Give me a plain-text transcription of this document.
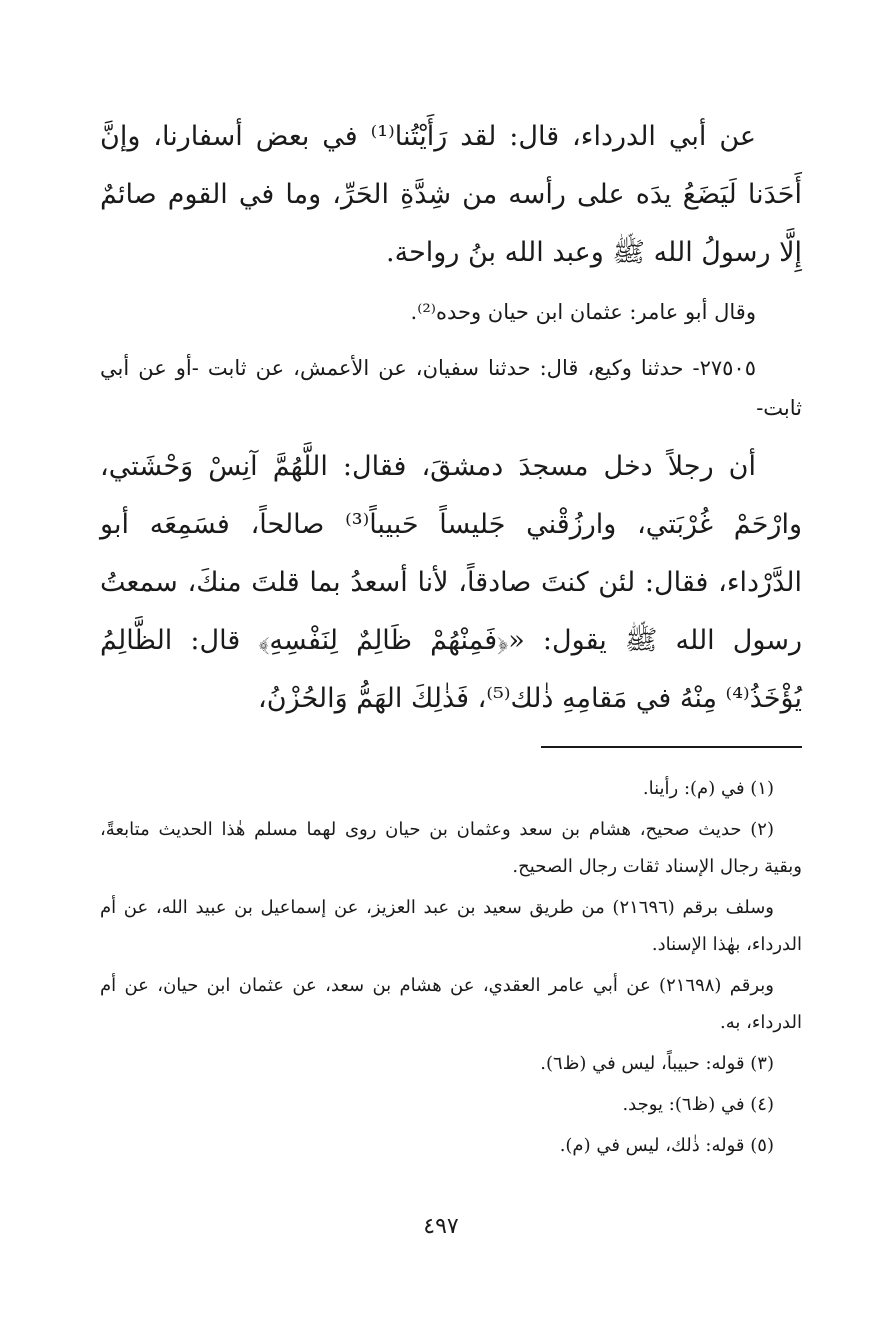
عن أبي الدرداء، قال: لقد رَأَيْتُنا⁽¹⁾ في بعض أسفارنا، وإنَّ أَحَدَنا لَيَضَعُ يدَه على رأسه من شِدَّةِ الحَرِّ، وما في القوم صائمٌ إِلَّا رسولُ الله ﷺ وعبد الله بنُ رواحة.

وقال أبو عامر: عثمان ابن حيان وحده⁽²⁾.

٢٧٥٠٥- حدثنا وكيع، قال: حدثنا سفيان، عن الأعمش، عن ثابت -أو عن أبي ثابت-

أن رجلاً دخل مسجدَ دمشقَ، فقال: اللَّهُمَّ آنِسْ وَحْشَتي، وارْحَمْ غُرْبَتي، وارزُقْني جَليساً حَبيباً⁽³⁾ صالحاً، فسَمِعَه أبو الدَّرْداء، فقال: لئن كنتَ صادقاً، لأنا أسعدُ بما قلتَ منكَ، سمعتُ رسول الله ﷺ يقول: «﴿فَمِنْهُمْ ظَالِمٌ لِنَفْسِهِ﴾ قال: الظَّالِمُ يُؤْخَذُ⁽⁴⁾ مِنْهُ في مَقامِهِ ذٰلك⁽⁵⁾، فَذٰلِكَ الهَمُّ وَالحُزْنُ،

(١) في (م): رأينا.

(٢) حديث صحيح، هشام بن سعد وعثمان بن حيان روى لهما مسلم هٰذا الحديث متابعةً، وبقية رجال الإسناد ثقات رجال الصحيح.

وسلف برقم (٢١٦٩٦) من طريق سعيد بن عبد العزيز، عن إسماعيل بن عبيد الله، عن أم الدرداء، بهٰذا الإسناد.

وبرقم (٢١٦٩٨) عن أبي عامر العقدي، عن هشام بن سعد، عن عثمان ابن حيان، عن أم الدرداء، به.

(٣) قوله: حبيباً، ليس في (ظ٦).

(٤) في (ظ٦): يوجد.

(٥) قوله: ذٰلك، ليس في (م).

٤٩٧
